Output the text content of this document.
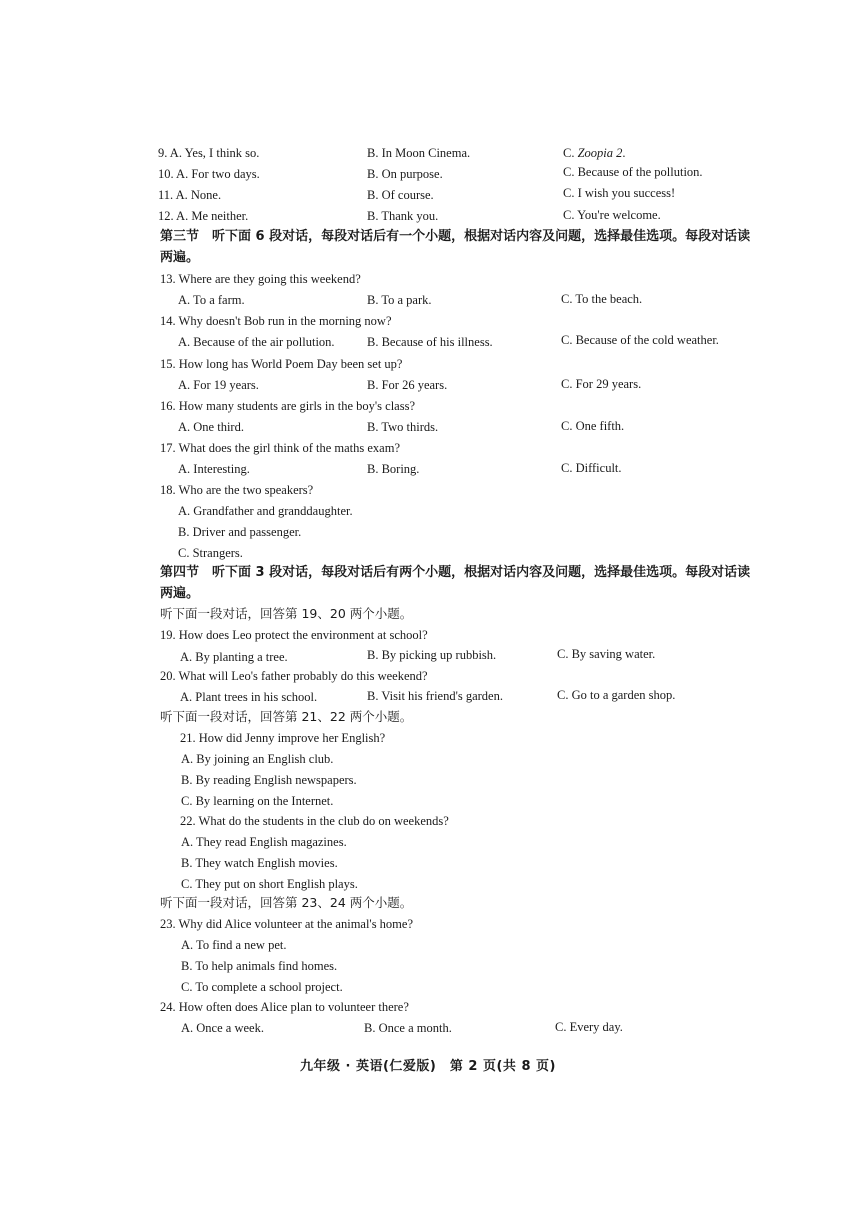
9. A. Yes, I think so.	B. In Moon Cinema.	C. Zoopia 2.
10. A. For two days.	B. On purpose.	C. Because of the pollution.
11. A. None.	B. Of course.	C. I wish you success!
12. A. Me neither.	B. Thank you.	C. You're welcome.
第三节　听下面 6 段对话，每段对话后有一个小题，根据对话内容及问题，选择最佳选项。每段对话读两遍。
13. Where are they going this weekend?
A. To a farm.	B. To a park.	C. To the beach.
14. Why doesn't Bob run in the morning now?
A. Because of the air pollution.	B. Because of his illness.	C. Because of the cold weather.
15. How long has World Poem Day been set up?
A. For 19 years.	B. For 26 years.	C. For 29 years.
16. How many students are girls in the boy's class?
A. One third.	B. Two thirds.	C. One fifth.
17. What does the girl think of the maths exam?
A. Interesting.	B. Boring.	C. Difficult.
18. Who are the two speakers?
A. Grandfather and granddaughter.
B. Driver and passenger.
C. Strangers.
第四节　听下面 3 段对话，每段对话后有两个小题，根据对话内容及问题，选择最佳选项。每段对话读两遍。
听下面一段对话，回答第 19、20 两个小题。
19. How does Leo protect the environment at school?
A. By planting a tree.	B. By picking up rubbish.	C. By saving water.
20. What will Leo's father probably do this weekend?
A. Plant trees in his school.	B. Visit his friend's garden.	C. Go to a garden shop.
听下面一段对话，回答第 21、22 两个小题。
21. How did Jenny improve her English?
A. By joining an English club.
B. By reading English newspapers.
C. By learning on the Internet.
22. What do the students in the club do on weekends?
A. They read English magazines.
B. They watch English movies.
C. They put on short English plays.
听下面一段对话，回答第 23、24 两个小题。
23. Why did Alice volunteer at the animal's home?
A. To find a new pet.
B. To help animals find homes.
C. To complete a school project.
24. How often does Alice plan to volunteer there?
A. Once a week.	B. Once a month.	C. Every day.
九年级 · 英语(仁爱版)　第 2 页(共 8 页)
